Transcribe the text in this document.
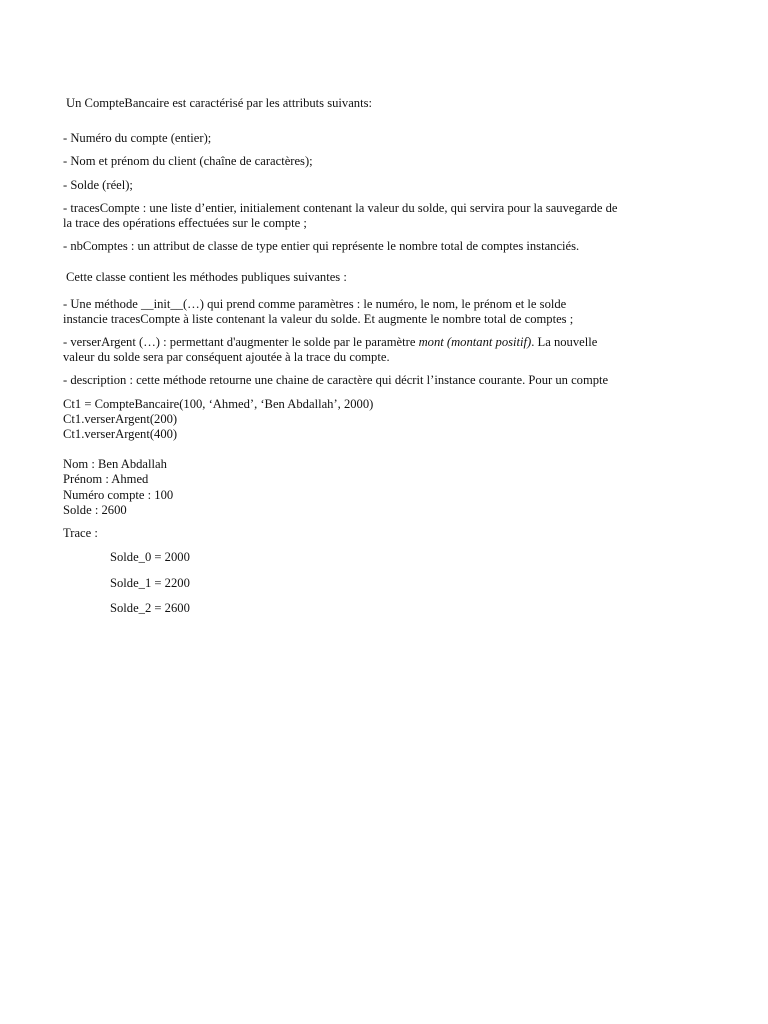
Un CompteBancaire est caractérisé par les attributs suivants:

- Numéro du compte (entier);

- Nom et prénom du client (chaîne de caractères);

- Solde (réel);

- tracesCompte : une liste d’entier, initialement contenant la valeur du solde, qui servira pour la sauvegarde de

la trace des opérations effectuées sur le compte ;

- nbComptes : un attribut de classe de type entier qui représente le nombre total de comptes instanciés.

Cette classe contient les méthodes publiques suivantes :

- Une méthode __init__(…) qui prend comme paramètres : le numéro, le nom, le prénom et le solde

instancie tracesCompte à liste contenant la valeur du solde. Et augmente le nombre total de comptes ;

- verserArgent (…) : permettant d'augmenter le solde par le paramètre mont (montant positif). La nouvelle

valeur du solde sera par conséquent ajoutée à la trace du compte.

- description : cette méthode retourne une chaine de caractère qui décrit l’instance courante. Pour un compte

Ct1 = CompteBancaire(100, ‘Ahmed’, ‘Ben Abdallah’, 2000)

Ct1.verserArgent(200)

Ct1.verserArgent(400)

Nom : Ben Abdallah

Prénom : Ahmed

Numéro compte : 100

Solde : 2600

Trace :

Solde_0 = 2000

Solde_1 = 2200

Solde_2 = 2600
